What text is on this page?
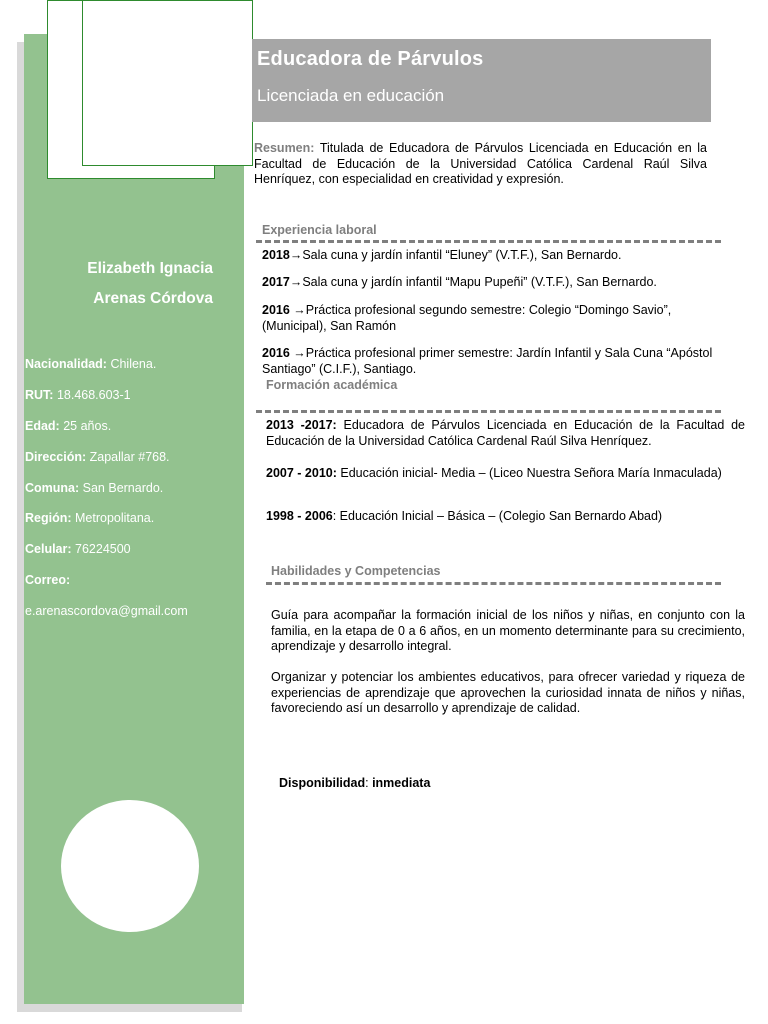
Elizabeth Ignacia
Arenas Córdova
Nacionalidad: Chilena.
RUT: 18.468.603-1
Edad: 25 años.
Dirección: Zapallar #768.
Comuna: San Bernardo.
Región: Metropolitana.
Celular: 76224500
Correo:
e.arenascordova@gmail.com
Educadora de Párvulos
Licenciada en educación
Resumen: Titulada de Educadora de Párvulos Licenciada en Educación en la Facultad de Educación de la Universidad Católica Cardenal Raúl Silva Henríquez, con especialidad en creatividad y expresión.
Experiencia laboral
2018→Sala cuna y jardín infantil “Eluney” (V.T.F.), San Bernardo.
2017→Sala cuna y jardín infantil “Mapu Pupeñi” (V.T.F.), San Bernardo.
2016 →Práctica profesional segundo semestre: Colegio “Domingo Savio”, (Municipal), San Ramón
2016 →Práctica profesional primer semestre: Jardín Infantil y Sala Cuna “Apóstol Santiago” (C.I.F.), Santiago.
Formación académica
2013 -2017: Educadora de Párvulos Licenciada en Educación de la Facultad de Educación de la Universidad Católica Cardenal Raúl Silva Henríquez.
2007 - 2010: Educación inicial- Media – (Liceo Nuestra Señora María Inmaculada)
1998 - 2006: Educación Inicial – Básica – (Colegio San Bernardo Abad)
Habilidades y Competencias
Guía para acompañar la formación inicial de los niños y niñas, en conjunto con la familia, en la etapa de 0 a 6 años, en un momento determinante para su crecimiento, aprendizaje y desarrollo integral.
Organizar y potenciar los ambientes educativos, para ofrecer variedad y riqueza de experiencias de aprendizaje que aprovechen la curiosidad innata de niños y niñas, favoreciendo así un desarrollo y aprendizaje de calidad.
Disponibilidad: inmediata
